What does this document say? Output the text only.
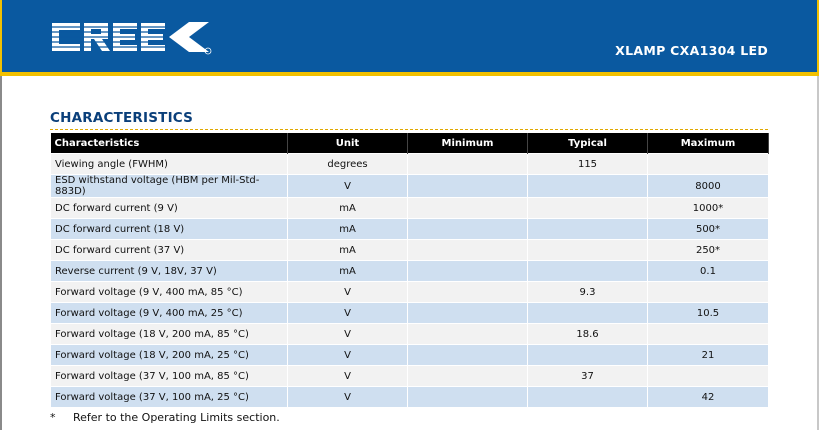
XLAMP CXA1304 LED
CHARACTERISTICS
Characteristics	Unit	Minimum	Typical	Maximum
Viewing angle (FWHM)	degrees		115	
ESD withstand voltage (HBM per Mil-Std-883D)	V			8000
DC forward current (9 V)	mA			1000*
DC forward current (18 V)	mA			500*
DC forward current (37 V)	mA			250*
Reverse current (9 V, 18V, 37 V)	mA			0.1
Forward voltage (9 V, 400 mA, 85 °C)	V		9.3	
Forward voltage (9 V, 400 mA, 25 °C)	V			10.5
Forward voltage (18 V, 200 mA, 85 °C)	V		18.6	
Forward voltage (18 V, 200 mA, 25 °C)	V			21
Forward voltage (37 V, 100 mA, 85 °C)	V		37	
Forward voltage (37 V, 100 mA, 25 °C)	V			42
* Refer to the Operating Limits section.
